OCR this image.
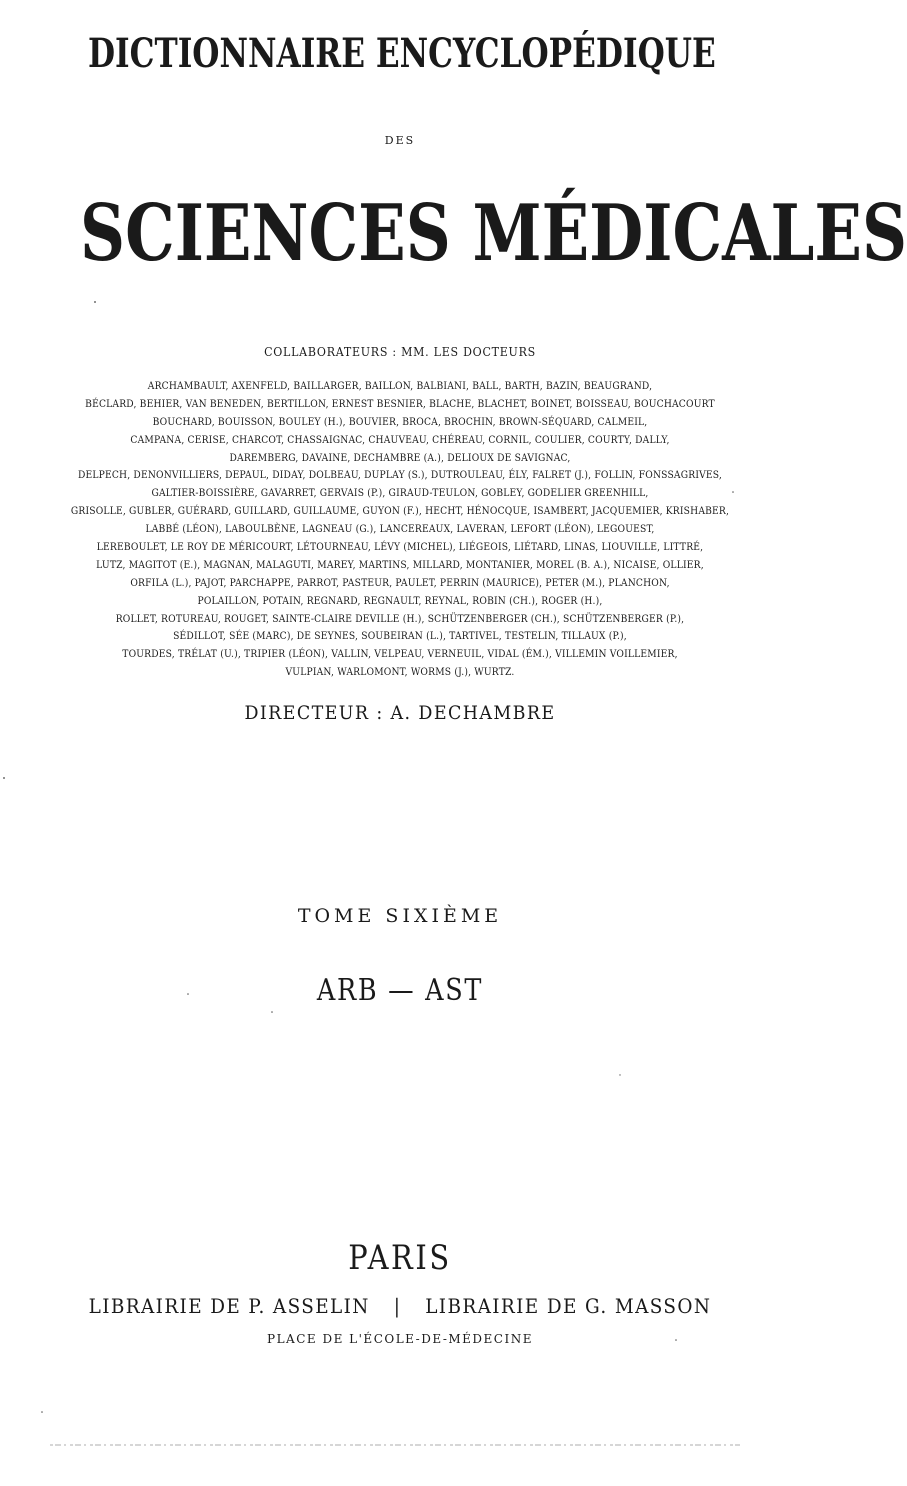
DICTIONNAIRE ENCYCLOPÉDIQUE
DES
SCIENCES MÉDICALES
COLLABORATEURS : MM. LES DOCTEURS
ARCHAMBAULT, AXENFELD, BAILLARGER, BAILLON, BALBIANI, BALL, BARTH, BAZIN, BEAUGRAND,
BÉCLARD, BEHIER, VAN BENEDEN, BERTILLON, ERNEST BESNIER, BLACHE, BLACHET, BOINET, BOISSEAU, BOUCHACOURT
BOUCHARD, BOUISSON, BOULEY (H.), BOUVIER, BROCA, BROCHIN, BROWN-SÉQUARD, CALMEIL,
CAMPANA, CERISE, CHARCOT, CHASSAIGNAC, CHAUVEAU, CHÉREAU, CORNIL, COULIER, COURTY, DALLY,
DAREMBERG, DAVAINE, DECHAMBRE (A.), DELIOUX DE SAVIGNAC,
DELPECH, DENONVILLIERS, DEPAUL, DIDAY, DOLBEAU, DUPLAY (S.), DUTROULEAU, ÉLY, FALRET (J.), FOLLIN, FONSSAGRIVES,
GALTIER-BOISSIÈRE, GAVARRET, GERVAIS (P.), GIRAUD-TEULON, GOBLEY, GODELIER GREENHILL,
GRISOLLE, GUBLER, GUÉRARD, GUILLARD, GUILLAUME, GUYON (F.), HECHT, HÉNOCQUE, ISAMBERT, JACQUEMIER, KRISHABER,
LABBÉ (LÉON), LABOULBÈNE, LAGNEAU (G.), LANCEREAUX, LAVERAN, LEFORT (LÉON), LEGOUEST,
LEREBOULET, LE ROY DE MÉRICOURT, LÉTOURNEAU, LÉVY (MICHEL), LIÉGEOIS, LIÉTARD, LINAS, LIOUVILLE, LITTRÉ,
LUTZ, MAGITOT (E.), MAGNAN, MALAGUTI, MAREY, MARTINS, MILLARD, MONTANIER, MOREL (B. A.), NICAISE, OLLIER,
ORFILA (L.), PAJOT, PARCHAPPE, PARROT, PASTEUR, PAULET, PERRIN (MAURICE), PETER (M.), PLANCHON,
POLAILLON, POTAIN, REGNARD, REGNAULT, REYNAL, ROBIN (CH.), ROGER (H.),
ROLLET, ROTUREAU, ROUGET, SAINTE-CLAIRE DEVILLE (H.), SCHÜTZENBERGER (CH.), SCHÜTZENBERGER (P.),
SÉDILLOT, SÉE (MARC), DE SEYNES, SOUBEIRAN (L.), TARTIVEL, TESTELIN, TILLAUX (P.),
TOURDES, TRÉLAT (U.), TRIPIER (LÉON), VALLIN, VELPEAU, VERNEUIL, VIDAL (ÉM.), VILLEMIN VOILLEMIER,
VULPIAN, WARLOMONT, WORMS (J.), WURTZ.
DIRECTEUR : A. DECHAMBRE
TOME SIXIÈME
ARB — AST
PARIS
LIBRAIRIE DE P. ASSELIN | LIBRAIRIE DE G. MASSON
PLACE DE L'ÉCOLE-DE-MÉDECINE
